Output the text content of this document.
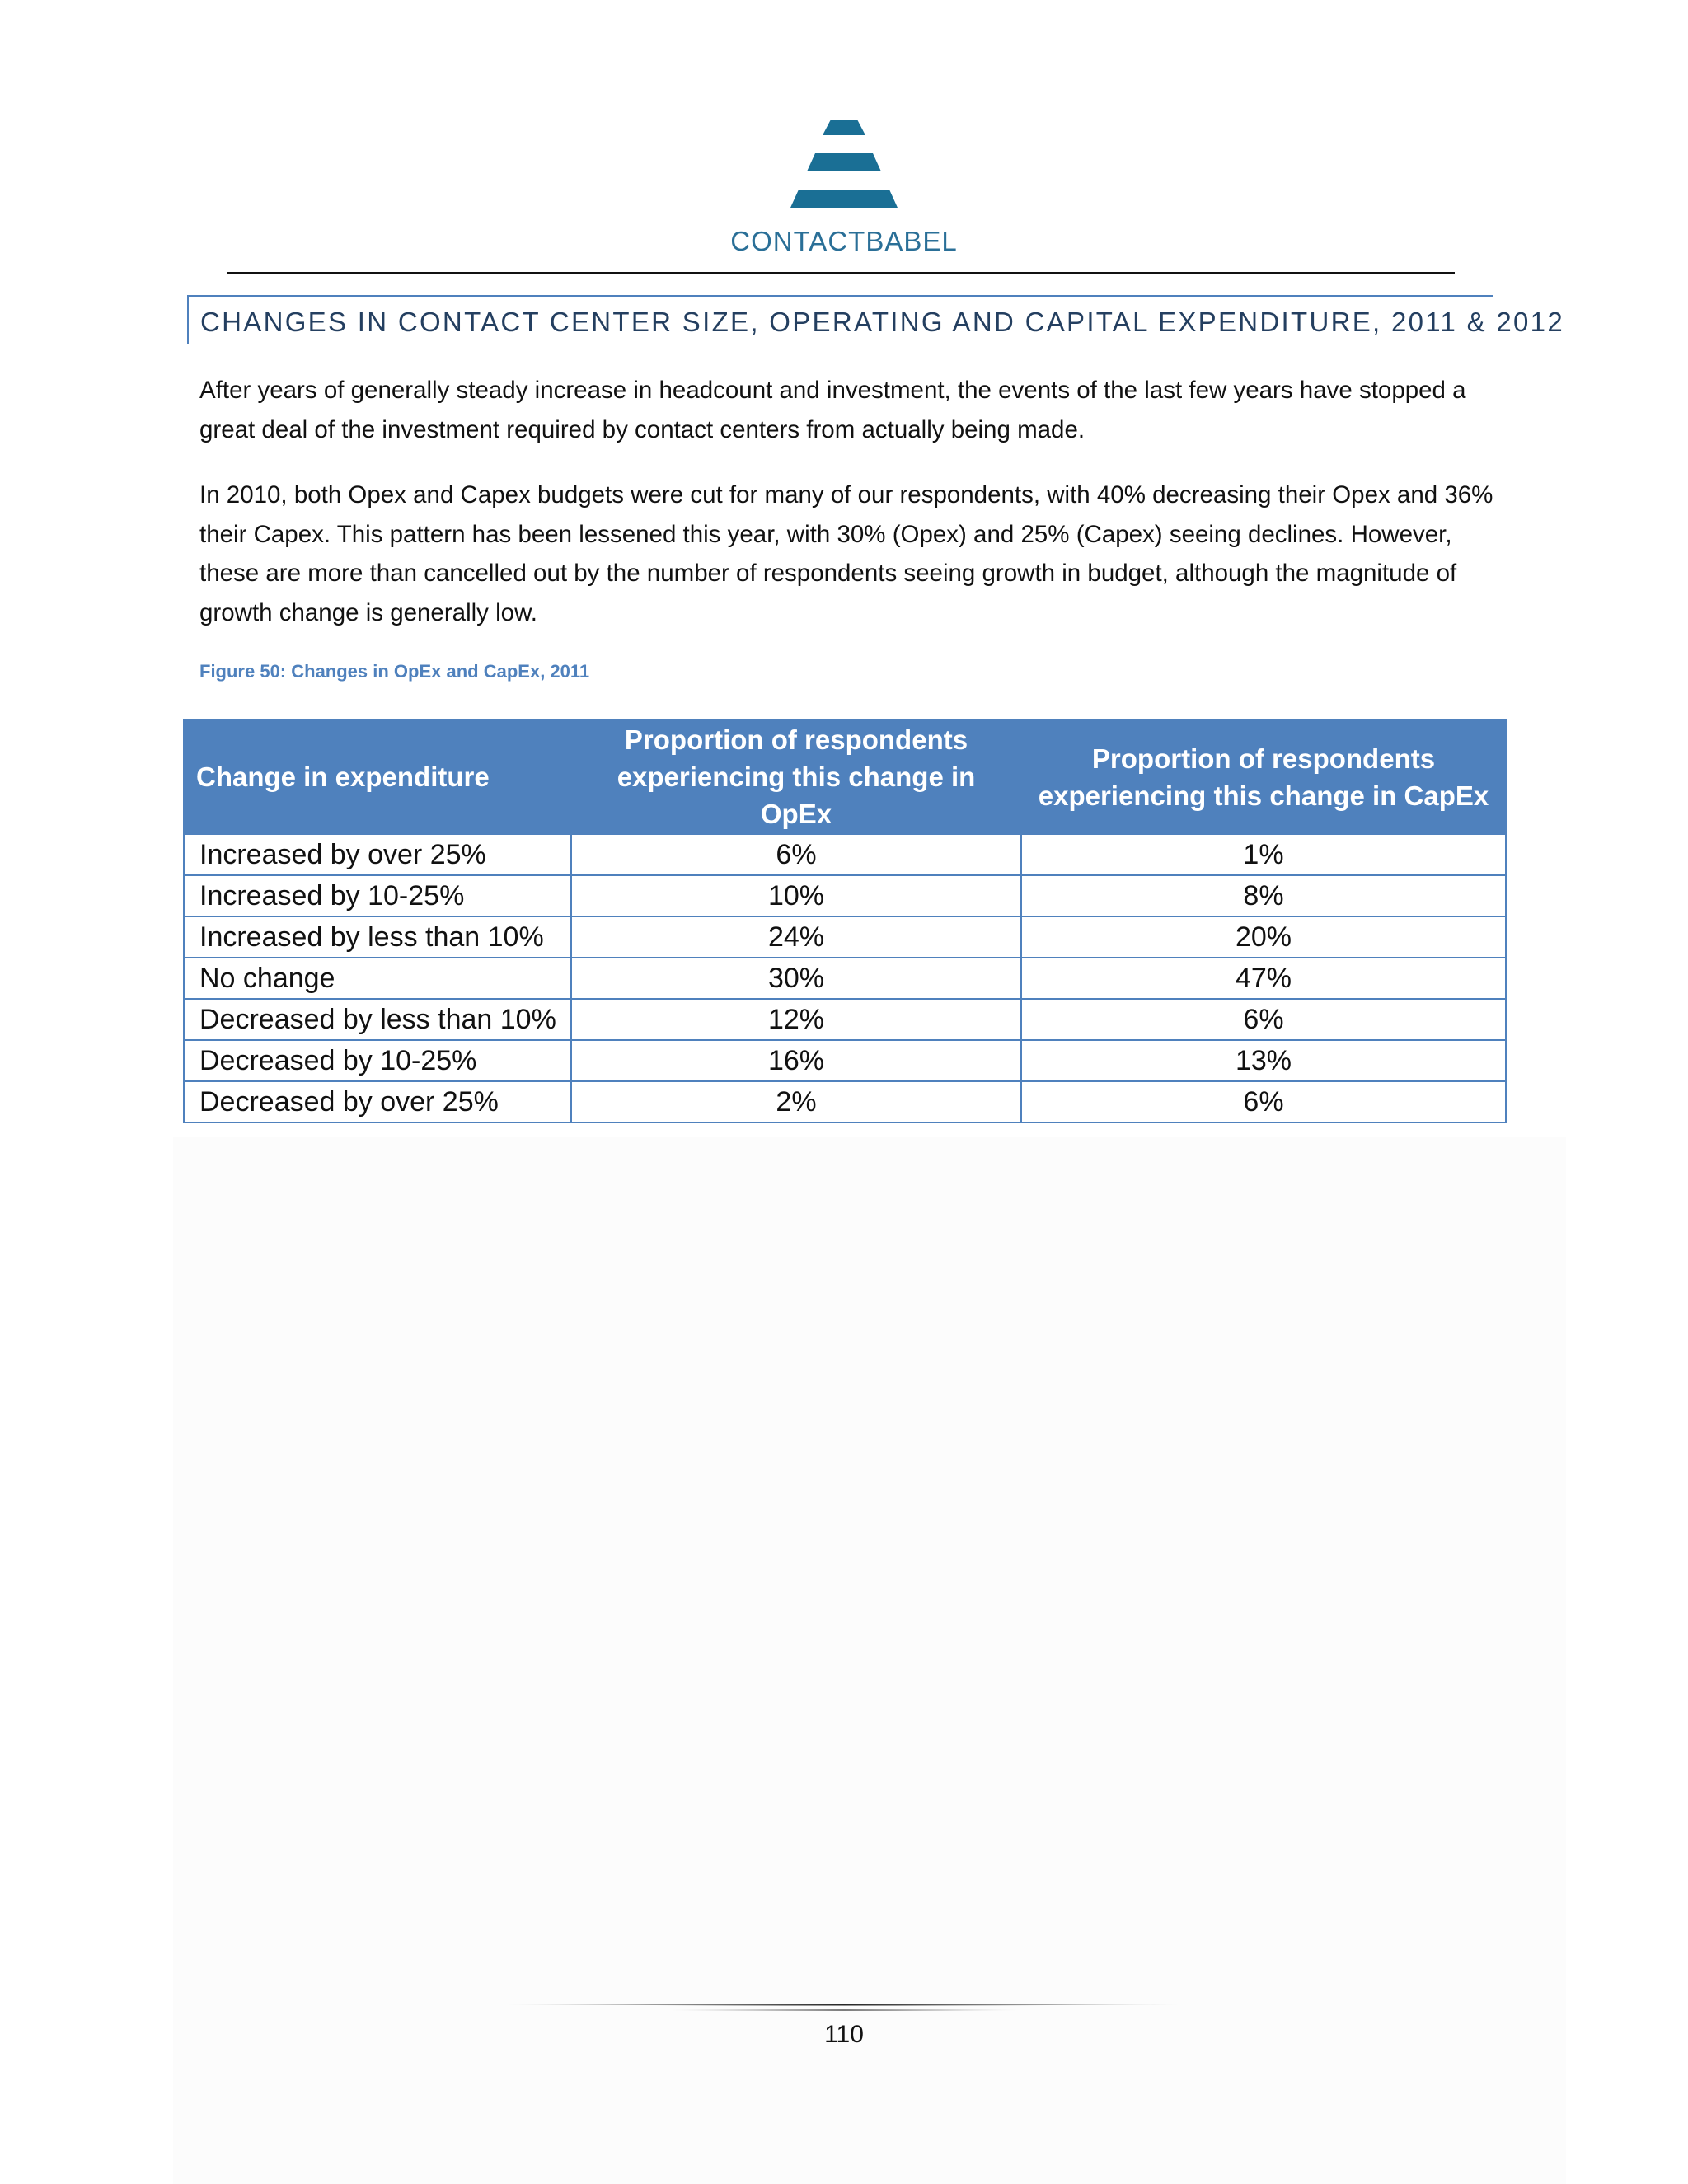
CONTACTBABEL
CHANGES IN CONTACT CENTER SIZE, OPERATING AND CAPITAL EXPENDITURE, 2011 & 2012
After years of generally steady increase in headcount and investment, the events of the last few years have stopped a great deal of the investment required by contact centers from actually being made.
In 2010, both Opex and Capex budgets were cut for many of our respondents, with 40% decreasing their Opex and 36% their Capex. This pattern has been lessened this year, with 30% (Opex) and 25% (Capex) seeing declines. However, these are more than cancelled out by the number of respondents seeing growth in budget, although the magnitude of growth change is generally low.
Figure 50: Changes in OpEx and CapEx, 2011
Change in expenditure	Proportion of respondents experiencing this change in OpEx	Proportion of respondents experiencing this change in CapEx
Increased by over 25%	6%	1%
Increased by 10-25%	10%	8%
Increased by less than 10%	24%	20%
No change	30%	47%
Decreased by less than 10%	12%	6%
Decreased by 10-25%	16%	13%
Decreased by over 25%	2%	6%
110
